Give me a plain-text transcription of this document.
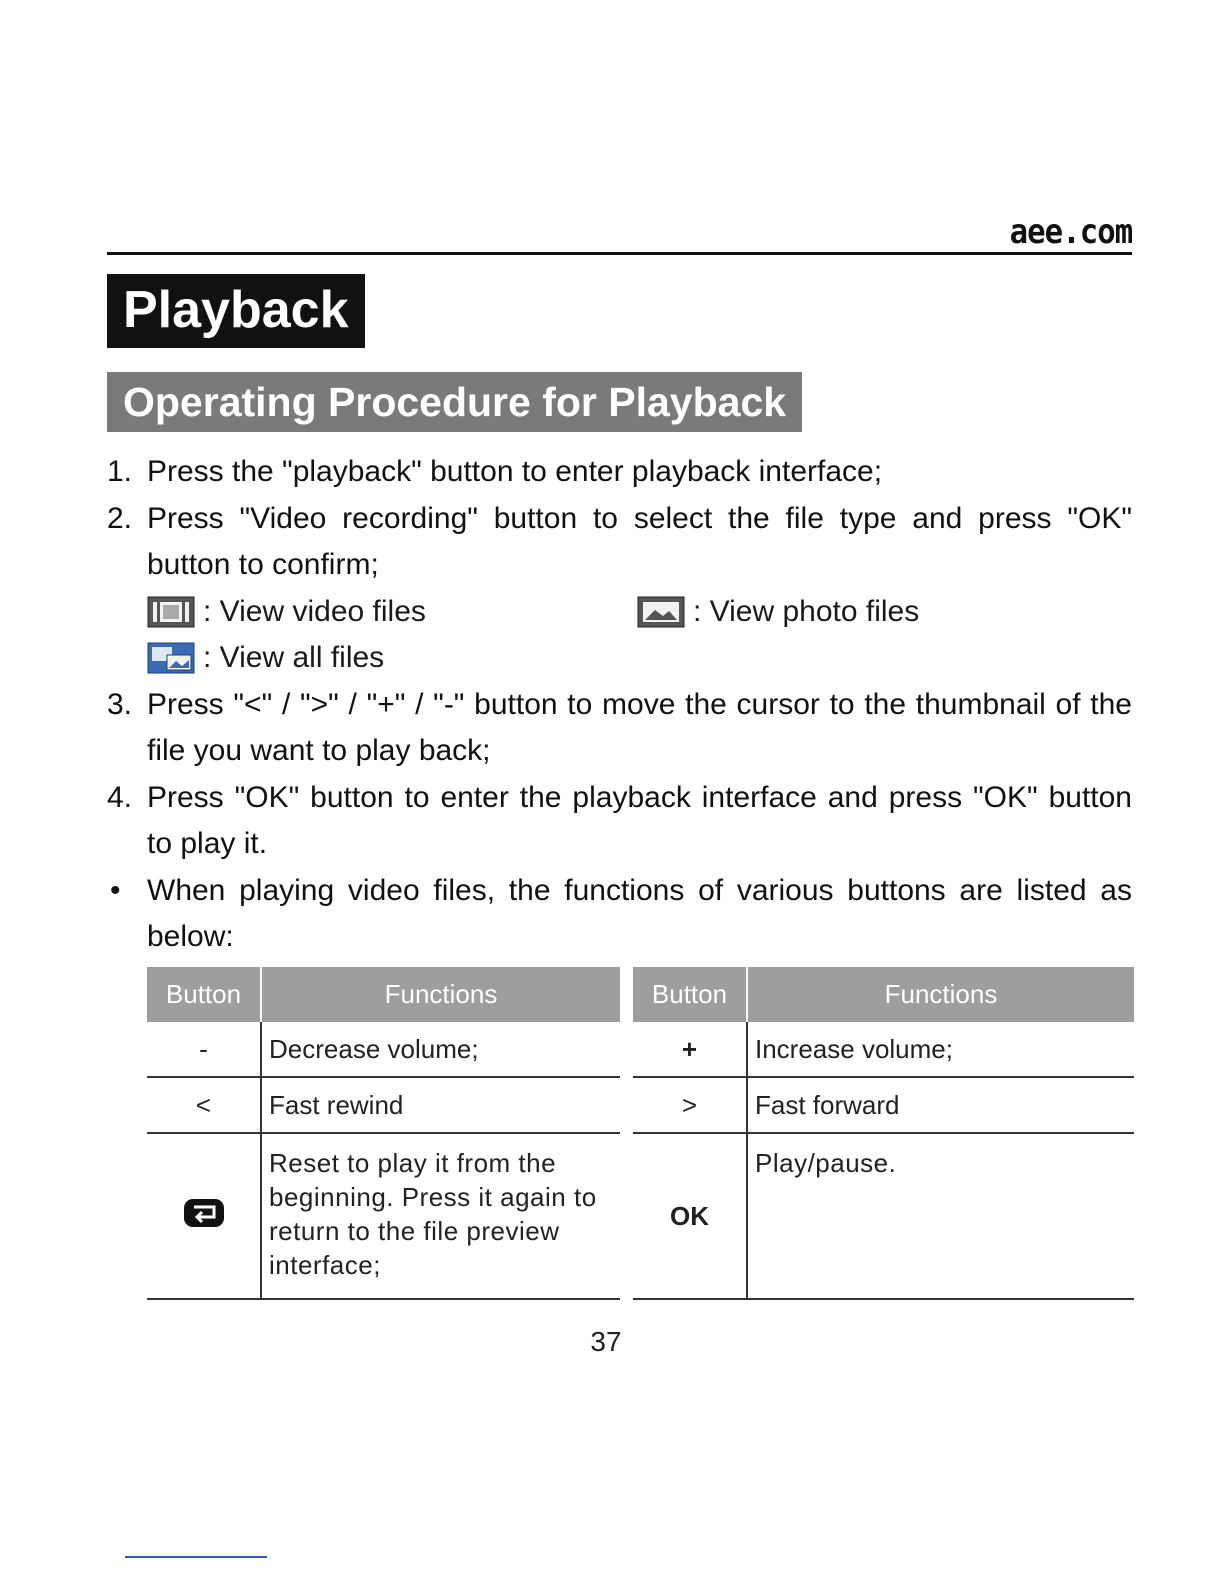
aee.com
Playback
Operating Procedure for Playback
1. Press the "playback" button to enter playback interface;
2. Press "Video recording" button to select the file type and press "OK" button to confirm;
: View video files	: View photo files
: View all files
3. Press "<" / ">" / "+" / "-" button to move the cursor to the thumbnail of the file you want to play back;
4. Press "OK" button to enter the playback interface and press "OK" button to play it.
• When playing video files, the functions of various buttons are listed as below:
Button	Functions
-	Decrease volume;
<	Fast rewind
	Reset to play it from the beginning. Press it again to return to the file preview interface;
Button	Functions
+	Increase volume;
>	Fast forward
OK	Play/pause.
37
